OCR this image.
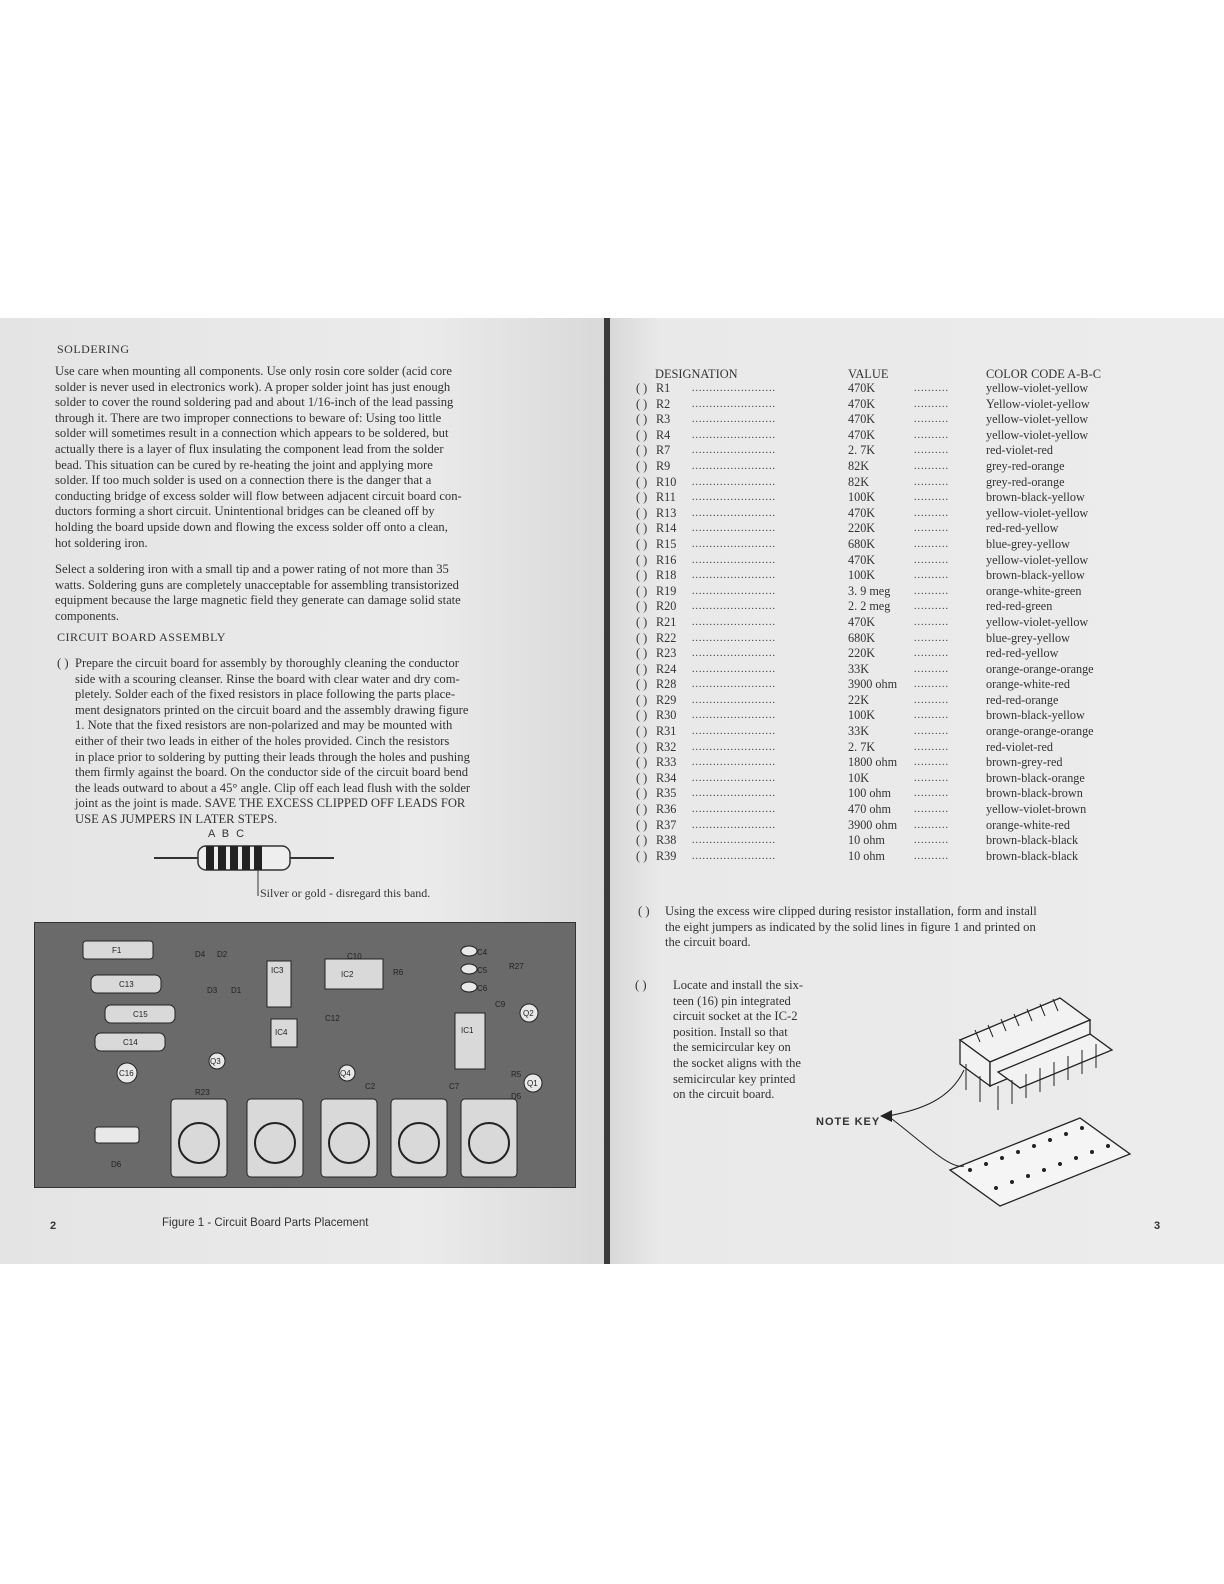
SOLDERING
Use care when mounting all components. Use only rosin core solder (acid core
solder is never used in electronics work). A proper solder joint has just enough
solder to cover the round soldering pad and about 1/16-inch of the lead passing
through it. There are two improper connections to beware of: Using too little
solder will sometimes result in a connection which appears to be soldered, but
actually there is a layer of flux insulating the component lead from the solder
bead. This situation can be cured by re-heating the joint and applying more
solder. If too much solder is used on a connection there is the danger that a
conducting bridge of excess solder will flow between adjacent circuit board con-
ductors forming a short circuit. Unintentional bridges can be cleaned off by
holding the board upside down and flowing the excess solder off onto a clean,
hot soldering iron.
Select a soldering iron with a small tip and a power rating of not more than 35
watts. Soldering guns are completely unacceptable for assembling transistorized
equipment because the large magnetic field they generate can damage solid state
components.
CIRCUIT BOARD ASSEMBLY
( ) Prepare the circuit board for assembly by thoroughly cleaning the conductor
side with a scouring cleanser. Rinse the board with clear water and dry com-
pletely. Solder each of the fixed resistors in place following the parts place-
ment designators printed on the circuit board and the assembly drawing figure
1. Note that the fixed resistors are non-polarized and may be mounted with
either of their two leads in either of the holes provided. Cinch the resistors
in place prior to soldering by putting their leads through the holes and pushing
them firmly against the board. On the conductor side of the circuit board bend
the leads outward to about a 45° angle. Clip off each lead flush with the solder
joint as the joint is made. SAVE THE EXCESS CLIPPED OFF LEADS FOR
USE AS JUMPERS IN LATER STEPS.
A B C
Silver or gold - disregard this band.
DESIGNATION	VALUE	COLOR CODE A-B-C
( ) Using the excess wire clipped during resistor installation, form and install
the eight jumpers as indicated by the solid lines in figure 1 and printed on
the circuit board.
( ) Locate and install the six-
teen (16) pin integrated
circuit socket at the IC-2
position. Install so that
the semicircular key on
the socket aligns with the
semicircular key printed
on the circuit board.
NOTE KEY
( ) R1 ........................	470K	..........	yellow-violet-yellow
( ) R2 ........................	470K	..........	Yellow-violet-yellow
( ) R3 ........................	470K	..........	yellow-violet-yellow
( ) R4 ........................	470K	..........	yellow-violet-yellow
( ) R7 ........................	2. 7K	..........	red-violet-red
( ) R9 ........................	82K	..........	grey-red-orange
( ) R10 ........................	82K	..........	grey-red-orange
( ) R11 ........................	100K	..........	brown-black-yellow
( ) R13 ........................	470K	..........	yellow-violet-yellow
( ) R14 ........................	220K	..........	red-red-yellow
( ) R15 ........................	680K	..........	blue-grey-yellow
( ) R16 ........................	470K	..........	yellow-violet-yellow
( ) R18 ........................	100K	..........	brown-black-yellow
( ) R19 ........................	3. 9 meg ..........	orange-white-green
( ) R20 ........................	2. 2 meg ..........	red-red-green
( ) R21 ........................	470K	..........	yellow-violet-yellow
( ) R22 ........................	680K	..........	blue-grey-yellow
( ) R23 ........................	220K	..........	red-red-yellow
( ) R24 ........................	33K	..........	orange-orange-orange
( ) R28 ........................	3900 ohm ..........	orange-white-red
( ) R29 ........................	22K	..........	red-red-orange
( ) R30 ........................	100K	..........	brown-black-yellow
( ) R31 ........................	33K	..........	orange-orange-orange
( ) R32 ........................	2. 7K	..........	red-violet-red
( ) R33 ........................	1800 ohm ..........	brown-grey-red
( ) R34 ........................	10K	..........	brown-black-orange
( ) R35 ........................	100 ohm ..........	brown-black-brown
( ) R36 ........................	470 ohm ..........	yellow-violet-brown
( ) R37 ........................	3900 ohm ..........	orange-white-red
( ) R38 ........................	10 ohm	..........	brown-black-black
( ) R39 ........................	10 ohm	..........	brown-black-black
F1
C13
C15
C14
C16
D4 D2
D3 D1
IC3
IC4
IC2
IC1
R27
C4
C5
C6
R6
C9
Q2
Q1
Q3
Q4
C2	C7
R5
D5
D6
C10
C12
R23
Figure 1 - Circuit Board Parts Placement
2	3
